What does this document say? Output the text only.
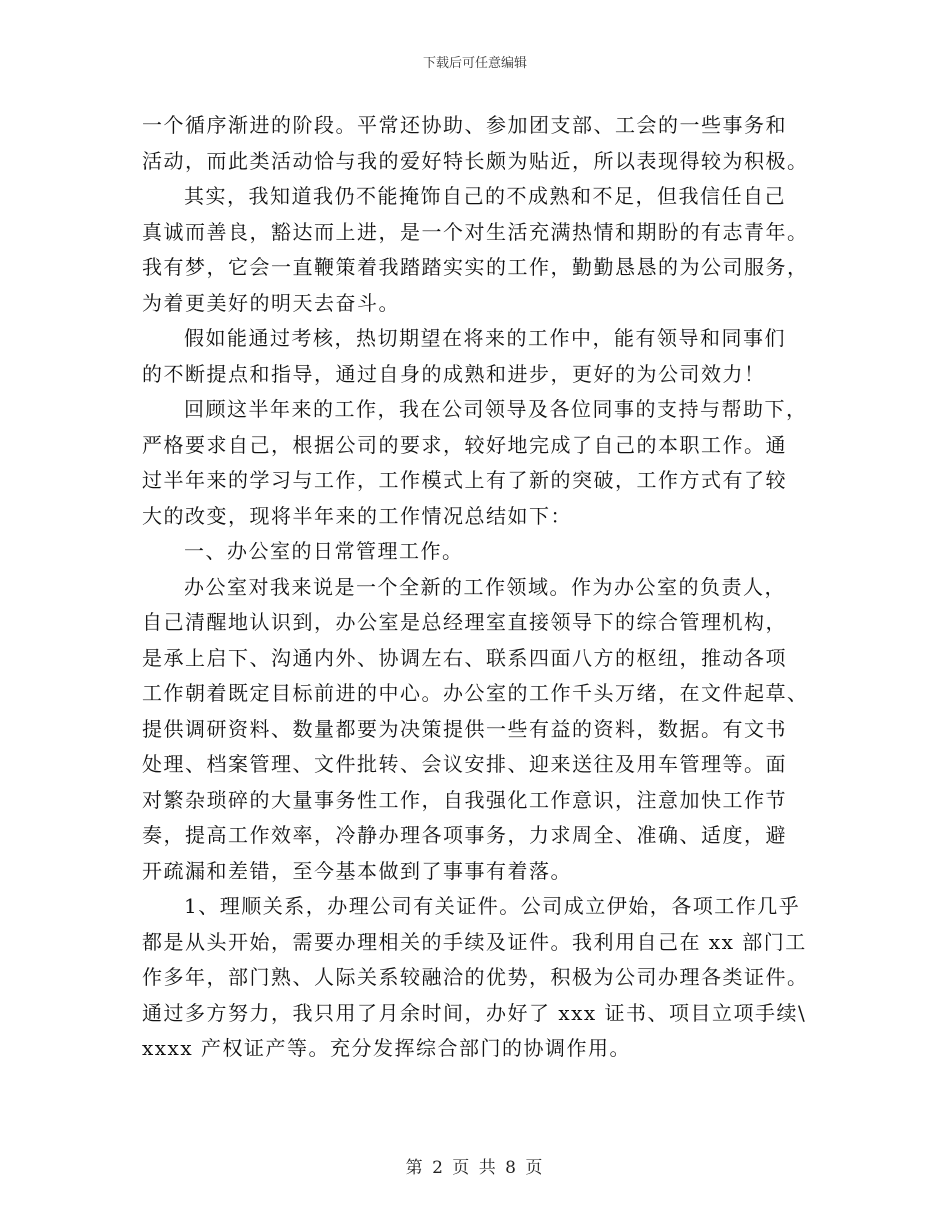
下载后可任意编辑
一个循序渐进的阶段。平常还协助、参加团支部、工会的一些事务和
活动，而此类活动恰与我的爱好特长颇为贴近，所以表现得较为积极。
其实，我知道我仍不能掩饰自己的不成熟和不足，但我信任自己
真诚而善良，豁达而上进，是一个对生活充满热情和期盼的有志青年。
我有梦，它会一直鞭策着我踏踏实实的工作，勤勤恳恳的为公司服务，
为着更美好的明天去奋斗。
假如能通过考核，热切期望在将来的工作中，能有领导和同事们
的不断提点和指导，通过自身的成熟和进步，更好的为公司效力！
回顾这半年来的工作，我在公司领导及各位同事的支持与帮助下，
严格要求自己，根据公司的要求，较好地完成了自己的本职工作。通
过半年来的学习与工作，工作模式上有了新的突破，工作方式有了较
大的改变，现将半年来的工作情况总结如下：
一、办公室的日常管理工作。
办公室对我来说是一个全新的工作领域。作为办公室的负责人，
自己清醒地认识到，办公室是总经理室直接领导下的综合管理机构，
是承上启下、沟通内外、协调左右、联系四面八方的枢纽，推动各项
工作朝着既定目标前进的中心。办公室的工作千头万绪，在文件起草、
提供调研资料、数量都要为决策提供一些有益的资料，数据。有文书
处理、档案管理、文件批转、会议安排、迎来送往及用车管理等。面
对繁杂琐碎的大量事务性工作，自我强化工作意识，注意加快工作节
奏，提高工作效率，冷静办理各项事务，力求周全、准确、适度，避
开疏漏和差错，至今基本做到了事事有着落。
1、理顺关系，办理公司有关证件。公司成立伊始，各项工作几乎
都是从头开始，需要办理相关的手续及证件。我利用自己在 xx 部门工
作多年，部门熟、人际关系较融洽的优势，积极为公司办理各类证件。
通过多方努力，我只用了月余时间，办好了 xxx 证书、项目立项手续\
xxxx 产权证产等。充分发挥综合部门的协调作用。
第 2 页 共 8 页
